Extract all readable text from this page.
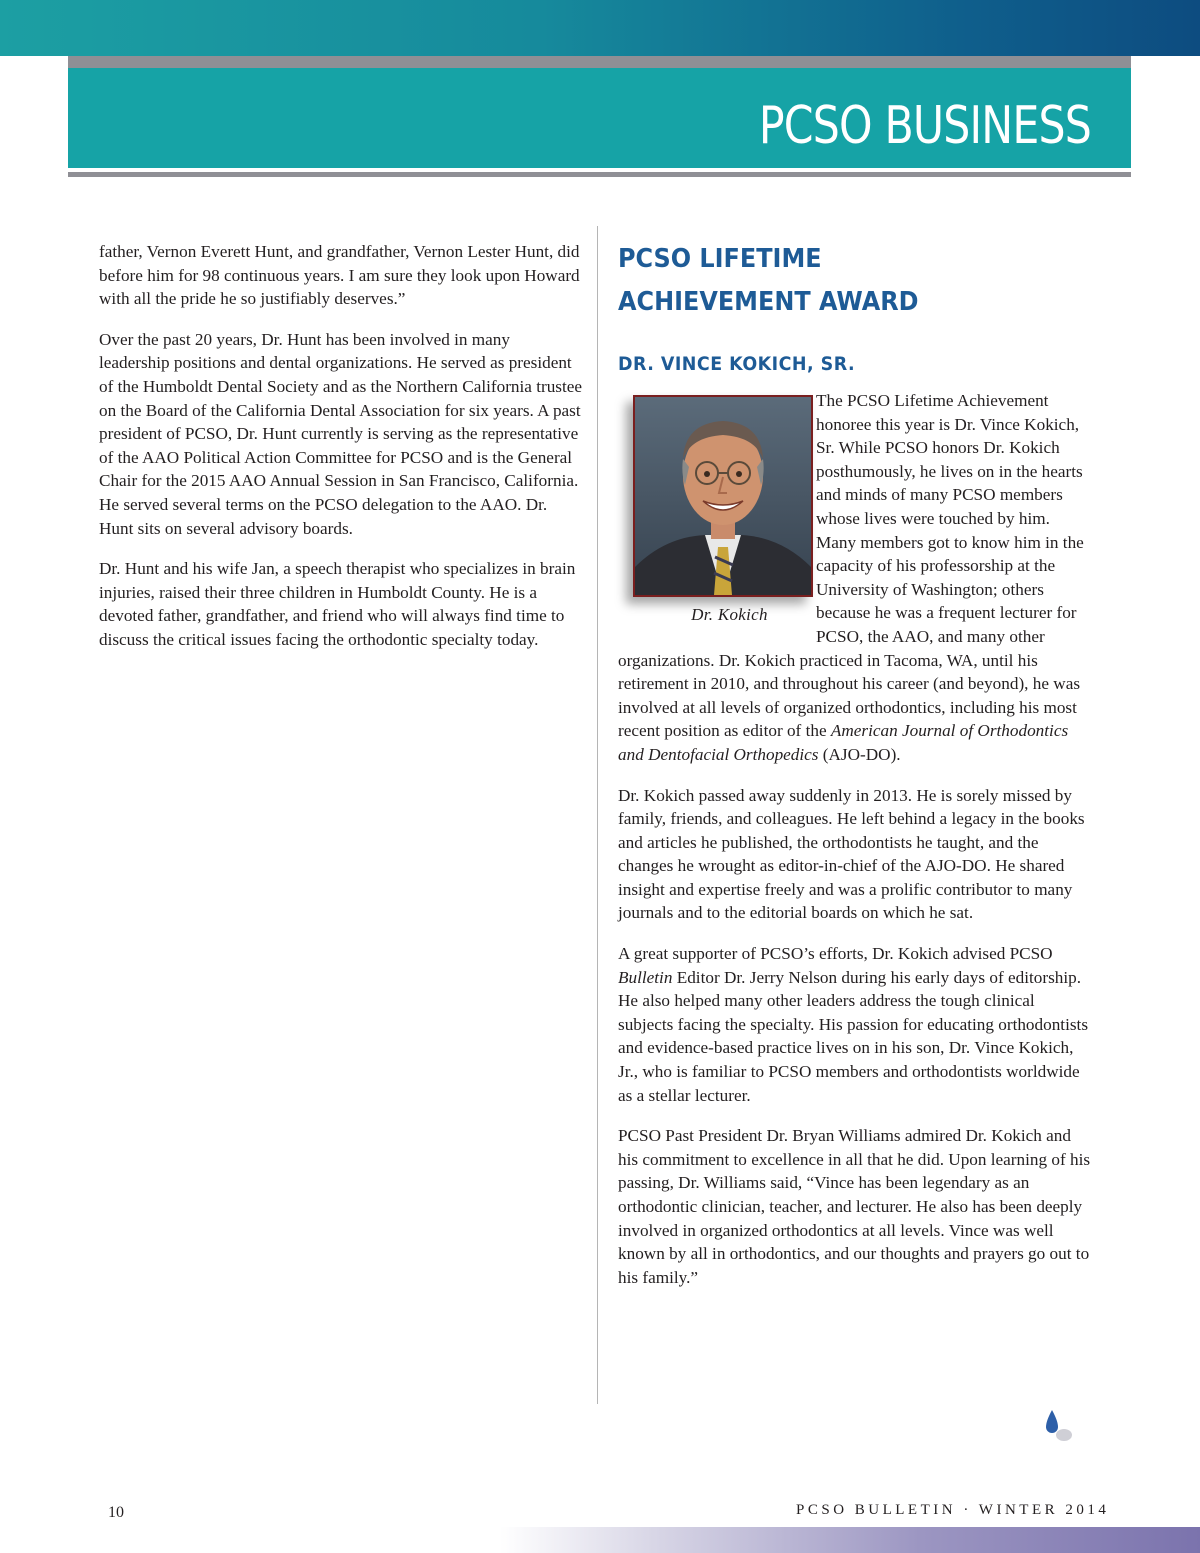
PCSO BUSINESS

father, Vernon Everett Hunt, and grandfather, Vernon Lester Hunt, did before him for 98 continuous years. I am sure they look upon Howard with all the pride he so justifiably deserves.”

Over the past 20 years, Dr. Hunt has been involved in many leadership positions and dental organizations. He served as president of the Humboldt Dental Society and as the Northern California trustee on the Board of the California Dental Association for six years. A past president of PCSO, Dr. Hunt currently is serving as the representative of the AAO Political Action Committee for PCSO and is the General Chair for the 2015 AAO Annual Session in San Francisco, California. He served several terms on the PCSO delegation to the AAO. Dr. Hunt sits on several advisory boards.

Dr. Hunt and his wife Jan, a speech therapist who specializes in brain injuries, raised their three children in Humboldt County. He is a devoted father, grandfather, and friend who will always find time to discuss the critical issues facing the orthodontic specialty today.

PCSO LIFETIME
ACHIEVEMENT AWARD
DR. VINCE KOKICH, SR.
Dr. Kokich

The PCSO Lifetime Achievement honoree this year is Dr. Vince Kokich, Sr. While PCSO honors Dr. Kokich posthumously, he lives on in the hearts and minds of many PCSO members whose lives were touched by him. Many members got to know him in the capacity of his professorship at the University of Washington; others because he was a frequent lecturer for PCSO, the AAO, and many other organizations. Dr. Kokich practiced in Tacoma, WA, until his retirement in 2010, and throughout his career (and beyond), he was involved at all levels of organized orthodontics, including his most recent position as editor of the American Journal of Orthodontics and Dentofacial Orthopedics (AJO-DO).

Dr. Kokich passed away suddenly in 2013. He is sorely missed by family, friends, and colleagues. He left behind a legacy in the books and articles he published, the orthodontists he taught, and the changes he wrought as editor-in-chief of the AJO-DO. He shared insight and expertise freely and was a prolific contributor to many journals and to the editorial boards on which he sat.

A great supporter of PCSO’s efforts, Dr. Kokich advised PCSO Bulletin Editor Dr. Jerry Nelson during his early days of editorship. He also helped many other leaders address the tough clinical subjects facing the specialty. His passion for educating orthodontists and evidence-based practice lives on in his son, Dr. Vince Kokich, Jr., who is familiar to PCSO members and orthodontists worldwide as a stellar lecturer.

PCSO Past President Dr. Bryan Williams admired Dr. Kokich and his commitment to excellence in all that he did. Upon learning of his passing, Dr. Williams said, “Vince has been legendary as an orthodontic clinician, teacher, and lecturer. He also has been deeply involved in organized orthodontics at all levels. Vince was well known by all in orthodontics, and our thoughts and prayers go out to his family.”

10	PCSO BULLETIN · WINTER 2014
